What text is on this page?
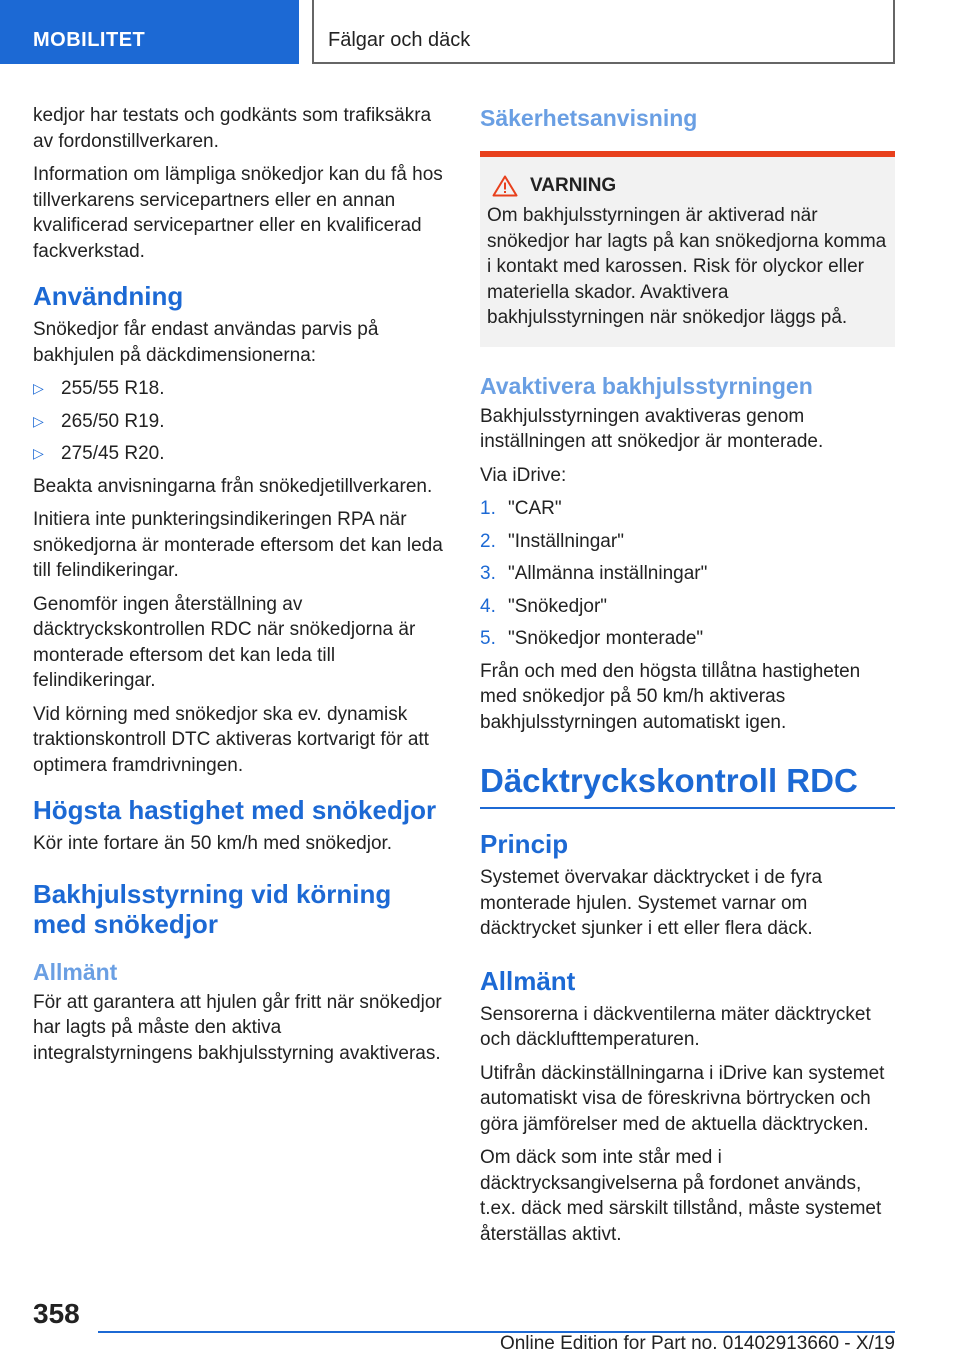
MOBILITET	Fälgar och däck

kedjor har testats och godkänts som trafiksäkra av fordonstillverkaren.

Information om lämpliga snökedjor kan du få hos tillverkarens servicepartners eller en annan kvalificerad servicepartner eller en kvalificerad fackverkstad.

Användning

Snökedjor får endast användas parvis på bakhjulen på däckdimensionerna:

▷ 255/55 R18.
▷ 265/50 R19.
▷ 275/45 R20.

Beakta anvisningarna från snökedjetillverkaren.

Initiera inte punkteringsindikeringen RPA när snökedjorna är monterade eftersom det kan leda till felindikeringar.

Genomför ingen återställning av däcktryckskontrollen RDC när snökedjorna är monterade eftersom det kan leda till felindikeringar.

Vid körning med snökedjor ska ev. dynamisk traktionskontroll DTC aktiveras kortvarigt för att optimera framdrivningen.

Högsta hastighet med snökedjor

Kör inte fortare än 50 km/h med snökedjor.

Bakhjulsstyrning vid körning med snökedjor
Allmänt

För att garantera att hjulen går fritt när snökedjor har lagts på måste den aktiva integralstyrningens bakhjulsstyrning avaktiveras.

Säkerhetsanvisning
VARNING

Om bakhjulsstyrningen är aktiverad när snökedjor har lagts på kan snökedjorna komma i kontakt med karossen. Risk för olyckor eller materiella skador. Avaktivera bakhjulsstyrningen när snökedjor läggs på.

Avaktivera bakhjulsstyrningen

Bakhjulsstyrningen avaktiveras genom inställningen att snökedjor är monterade.

Via iDrive:

1. "CAR"
2. "Inställningar"
3. "Allmänna inställningar"
4. "Snökedjor"
5. "Snökedjor monterade"

Från och med den högsta tillåtna hastigheten med snökedjor på 50 km/h aktiveras bakhjulsstyrningen automatiskt igen.

Däcktryckskontroll RDC
Princip

Systemet övervakar däcktrycket i de fyra monterade hjulen. Systemet varnar om däcktrycket sjunker i ett eller flera däck.

Allmänt

Sensorerna i däckventilerna mäter däcktrycket och däcklufttemperaturen.

Utifrån däckinställningarna i iDrive kan systemet automatiskt visa de föreskrivna börtrycken och göra jämförelser med de aktuella däcktrycken.

Om däck som inte står med i däcktrycksangivelserna på fordonet används, t.ex. däck med särskilt tillstånd, måste systemet återställas aktivt.

358
Online Edition for Part no. 01402913660 - X/19
